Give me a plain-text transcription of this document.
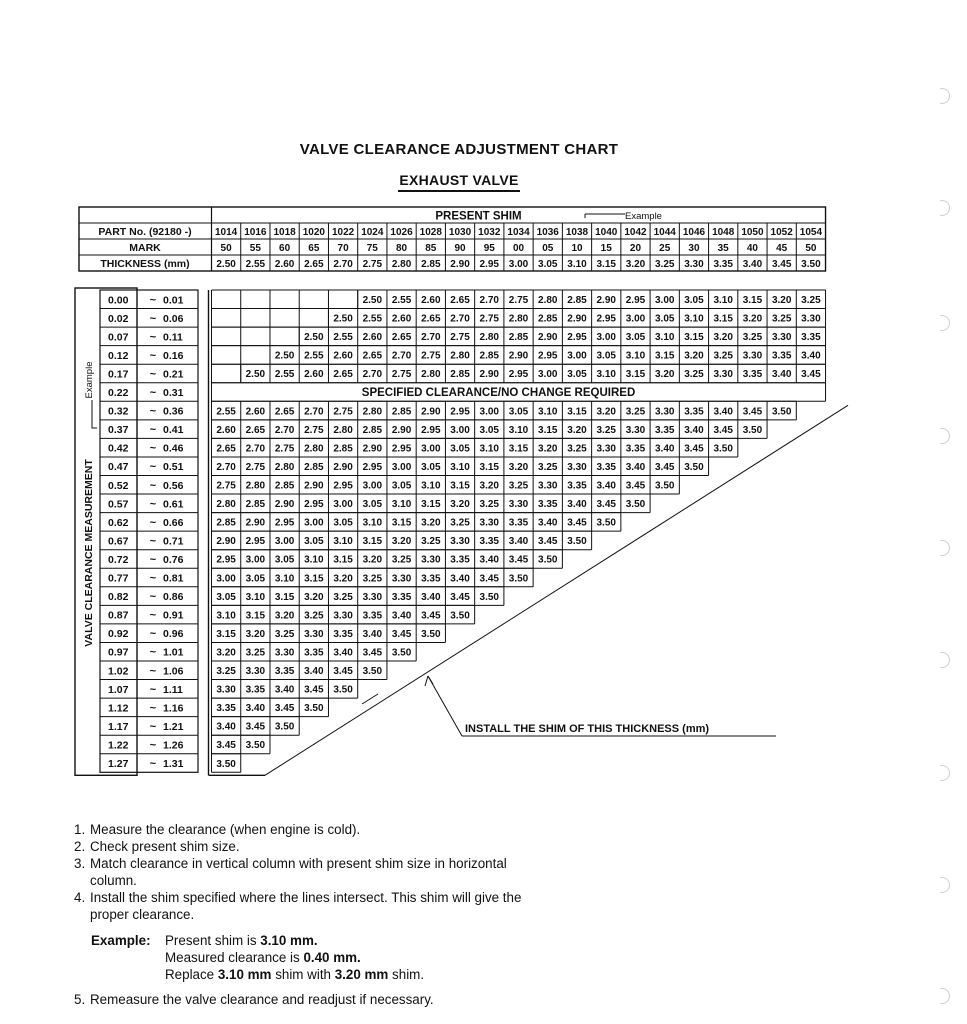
VALVE CLEARANCE ADJUSTMENT CHART
EXHAUST VALVE
PRESENT SHIM	Example
PART No. (92180 -)
MARK
THICKNESS (mm)
1014
50
2.50
1016
55
2.55
1018
60
2.60
1020
65
2.65
1022
70
2.70
1024
75
2.75
1026
80
2.80
1028
85
2.85
1030
90
2.90
1032
95
2.95
1034
00
3.00
1036
05
3.05
1038
10
3.10
1040
15
3.15
1042
20
3.20
1044
25
3.25
1046
30
3.30
1048
35
3.35
1050
40
3.40
1052
45
3.45
1054
50
3.50
0.00 ~ 0.01
0.02 ~ 0.06
0.07 ~ 0.11
0.12 ~ 0.16
0.17 ~ 0.21
0.22 ~ 0.31
0.32 ~ 0.36
0.37 ~ 0.41
0.42 ~ 0.46
0.47 ~ 0.51
0.52 ~ 0.56
0.57 ~ 0.61
0.62 ~ 0.66
0.67 ~ 0.71
0.72 ~ 0.76
0.77 ~ 0.81
0.82 ~ 0.86
0.87 ~ 0.91
0.92 ~ 0.96
0.97 ~ 1.01
1.02 ~ 1.06
1.07 ~ 1.11
1.12 ~ 1.16
1.17 ~ 1.21
1.22 ~ 1.26
1.27 ~ 1.31
VALVE CLEARANCE MEASUREMENT
Example
2.50 2.55 2.60 2.65 2.70 2.75 2.80 2.85 2.90 2.95 3.00 3.05 3.10 3.15 3.20 3.25
2.50 2.55 2.60 2.65 2.70 2.75 2.80 2.85 2.90 2.95 3.00 3.05 3.10 3.15 3.20 3.25 3.30
2.50 2.55 2.60 2.65 2.70 2.75 2.80 2.85 2.90 2.95 3.00 3.05 3.10 3.15 3.20 3.25 3.30 3.35
2.50 2.55 2.60 2.65 2.70 2.75 2.80 2.85 2.90 2.95 3.00 3.05 3.10 3.15 3.20 3.25 3.30 3.35 3.40
2.50 2.55 2.60 2.65 2.70 2.75 2.80 2.85 2.90 2.95 3.00 3.05 3.10 3.15 3.20 3.25 3.30 3.35 3.40 3.45
SPECIFIED CLEARANCE/NO CHANGE REQUIRED
2.55 2.60 2.65 2.70 2.75 2.80 2.85 2.90 2.95 3.00 3.05 3.10 3.15 3.20 3.25 3.30 3.35 3.40 3.45 3.50
2.60 2.65 2.70 2.75 2.80 2.85 2.90 2.95 3.00 3.05 3.10 3.15 3.20 3.25 3.30 3.35 3.40 3.45 3.50
2.65 2.70 2.75 2.80 2.85 2.90 2.95 3.00 3.05 3.10 3.15 3.20 3.25 3.30 3.35 3.40 3.45 3.50
2.70 2.75 2.80 2.85 2.90 2.95 3.00 3.05 3.10 3.15 3.20 3.25 3.30 3.35 3.40 3.45 3.50
2.75 2.80 2.85 2.90 2.95 3.00 3.05 3.10 3.15 3.20 3.25 3.30 3.35 3.40 3.45 3.50
2.80 2.85 2.90 2.95 3.00 3.05 3.10 3.15 3.20 3.25 3.30 3.35 3.40 3.45 3.50
2.85 2.90 2.95 3.00 3.05 3.10 3.15 3.20 3.25 3.30 3.35 3.40 3.45 3.50
2.90 2.95 3.00 3.05 3.10 3.15 3.20 3.25 3.30 3.35 3.40 3.45 3.50
2.95 3.00 3.05 3.10 3.15 3.20 3.25 3.30 3.35 3.40 3.45 3.50
3.00 3.05 3.10 3.15 3.20 3.25 3.30 3.35 3.40 3.45 3.50
3.05 3.10 3.15 3.20 3.25 3.30 3.35 3.40 3.45 3.50
3.10 3.15 3.20 3.25 3.30 3.35 3.40 3.45 3.50
3.15 3.20 3.25 3.30 3.35 3.40 3.45 3.50
3.20 3.25 3.30 3.35 3.40 3.45 3.50
3.25 3.30 3.35 3.40 3.45 3.50
3.30 3.35 3.40 3.45 3.50
3.35 3.40 3.45 3.50
3.40 3.45 3.50
3.45 3.50
3.50
INSTALL THE SHIM OF THIS THICKNESS (mm)
1. Measure the clearance (when engine is cold).
2. Check present shim size.
3. Match clearance in vertical column with present shim size in horizontal column.
4. Install the shim specified where the lines intersect. This shim will give the proper clearance.
Example: Present shim is 3.10 mm.
Measured clearance is 0.40 mm.
Replace 3.10 mm shim with 3.20 mm shim.
5. Remeasure the valve clearance and readjust if necessary.
